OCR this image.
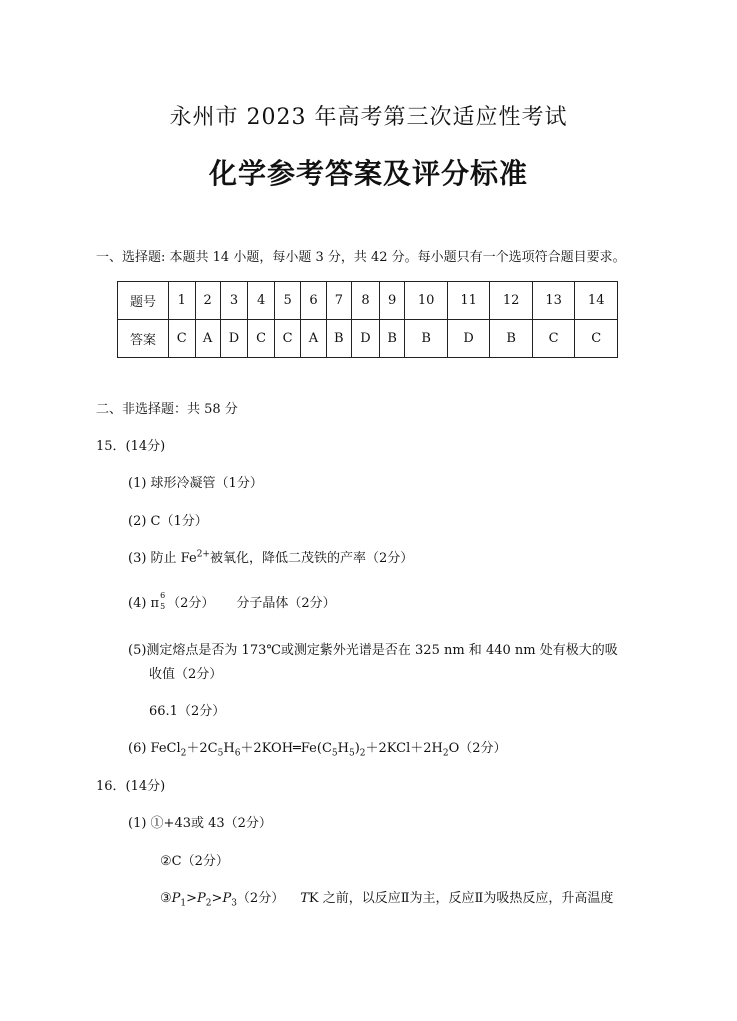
永州市 2023 年高考第三次适应性考试
化学参考答案及评分标准
一、选择题: 本题共 14 小题，每小题 3 分，共 42 分。每小题只有一个选项符合题目要求。
题号	1	2	3	4	5	6	7	8	9	10	11	12	13	14
答案	C	A	D	C	C	A	B	D	B	B	D	B	C	C
二、非选择题：共 58 分
15．(14分)
(1) 球形冷凝管（1分）
(2) C（1分）
(3) 防止 $Fe^{2+}$被氧化，降低二茂铁的产率（2分）
(4) π
6
5 （2分） 分子晶体（2分）
(5)测定熔点是否为 173℃或测定紫外光谱是否在 325 nm 和 440 nm 处有极大的吸
收值（2分）
66.1（2分）
(6) $FeCl_2+2C_5H_6+2KOH═Fe(C_5H_5)_2+2KCl+2H_2O(2$分）
16．(14分)
(1) ①+43或 43（2分）
②C（2分）
$③P_1>P_2>P_3(2$分） TK 之前，以反应Ⅱ为主，反应Ⅱ为吸热反应，升高温度
